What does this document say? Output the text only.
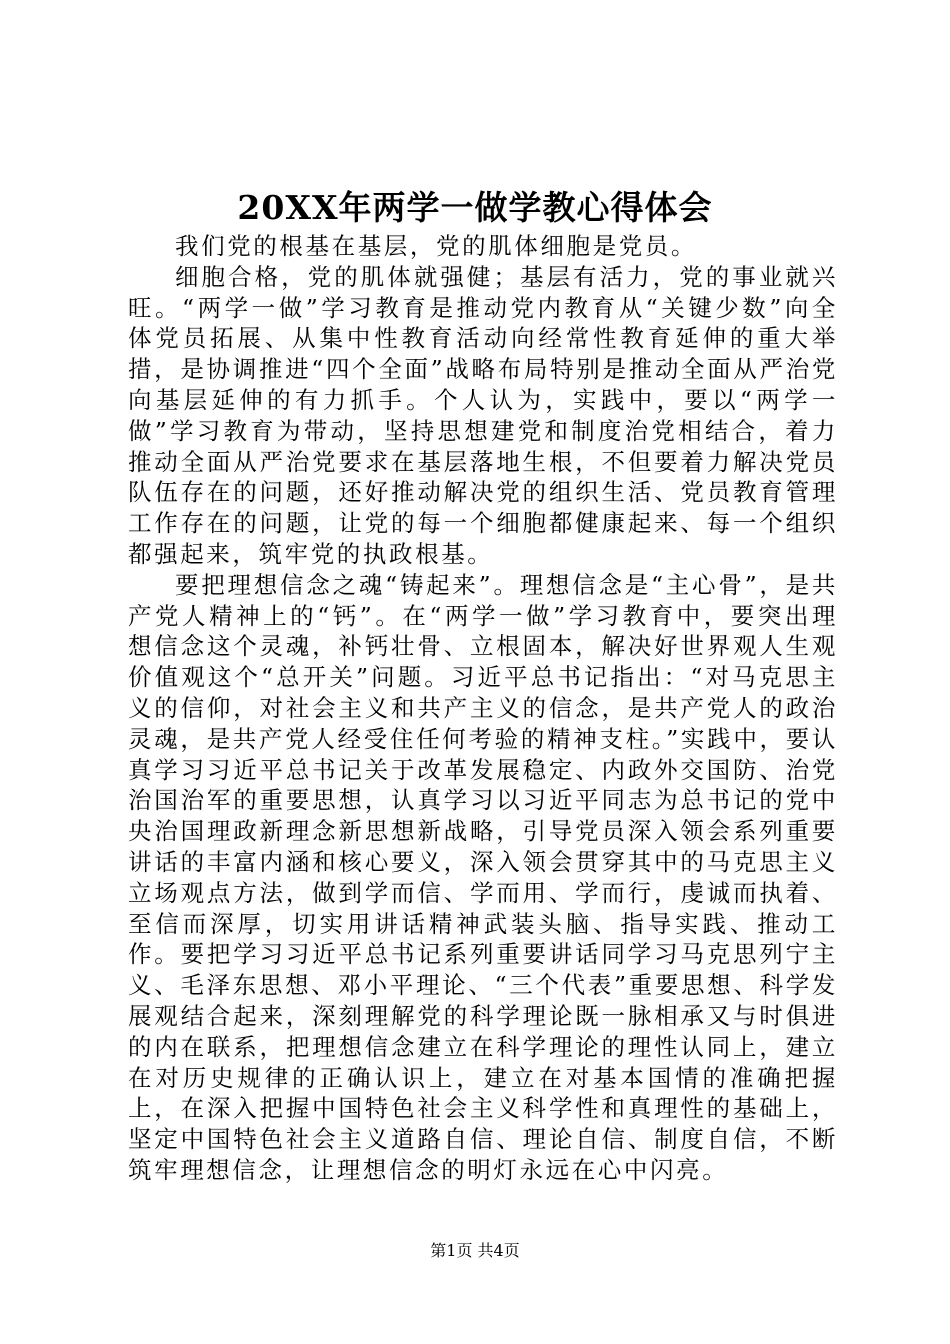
20XX年两学一做学教心得体会

我们党的根基在基层，党的肌体细胞是党员。

细胞合格，党的肌体就强健；基层有活力，党的事业就兴旺。“两学一做”学习教育是推动党内教育从“关键少数”向全体党员拓展、从集中性教育活动向经常性教育延伸的重大举措，是协调推进“四个全面”战略布局特别是推动全面从严治党向基层延伸的有力抓手。个人认为，实践中，要以“两学一做”学习教育为带动，坚持思想建党和制度治党相结合，着力推动全面从严治党要求在基层落地生根，不但要着力解决党员队伍存在的问题，还好推动解决党的组织生活、党员教育管理工作存在的问题，让党的每一个细胞都健康起来、每一个组织都强起来，筑牢党的执政根基。

要把理想信念之魂“铸起来”。理想信念是“主心骨”，是共产党人精神上的“钙”。在“两学一做”学习教育中，要突出理想信念这个灵魂，补钙壮骨、立根固本，解决好世界观人生观价值观这个“总开关”问题。习近平总书记指出：“对马克思主义的信仰，对社会主义和共产主义的信念，是共产党人的政治灵魂，是共产党人经受住任何考验的精神支柱。”实践中，要认真学习习近平总书记关于改革发展稳定、内政外交国防、治党治国治军的重要思想，认真学习以习近平同志为总书记的党中央治国理政新理念新思想新战略，引导党员深入领会系列重要讲话的丰富内涵和核心要义，深入领会贯穿其中的马克思主义立场观点方法，做到学而信、学而用、学而行，虔诚而执着、至信而深厚，切实用讲话精神武装头脑、指导实践、推动工作。要把学习习近平总书记系列重要讲话同学习马克思列宁主义、毛泽东思想、邓小平理论、“三个代表”重要思想、科学发展观结合起来，深刻理解党的科学理论既一脉相承又与时俱进的内在联系，把理想信念建立在科学理论的理性认同上，建立在对历史规律的正确认识上，建立在对基本国情的准确把握上，在深入把握中国特色社会主义科学性和真理性的基础上，坚定中国特色社会主义道路自信、理论自信、制度自信，不断筑牢理想信念，让理想信念的明灯永远在心中闪亮。

第1页 共4页
